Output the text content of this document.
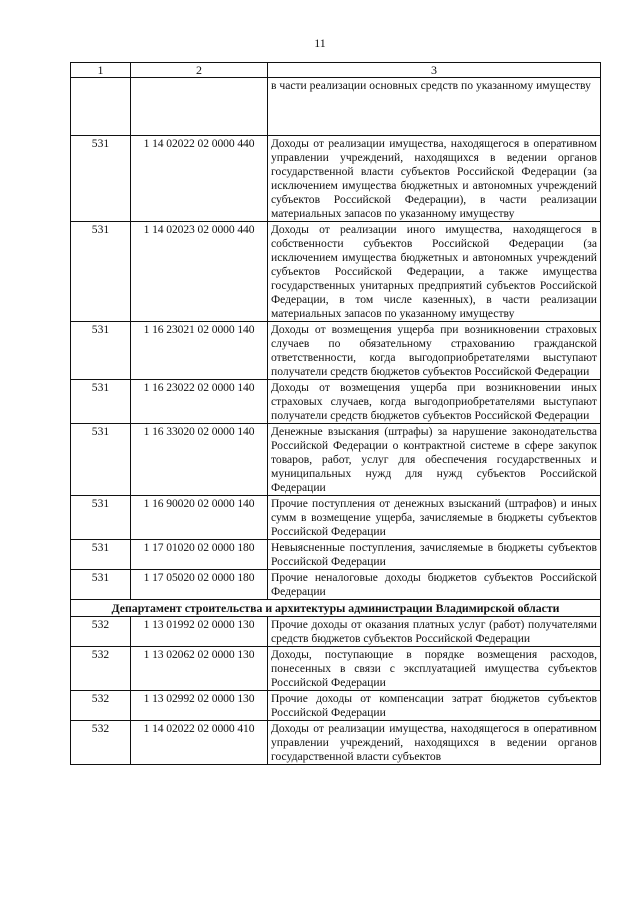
11
1	2	3
		в части реализации основных средств по указанному имуществу
531	1 14 02022 02 0000 440	Доходы от реализации имущества, находящегося в оперативном управлении учреждений, находящихся в ведении органов государственной власти субъектов Российской Федерации (за исключением имущества бюджетных и автономных учреждений субъектов Российской Федерации), в части реализации материальных запасов по указанному имуществу
531	1 14 02023 02 0000 440	Доходы от реализации иного имущества, находящегося в собственности субъектов Российской Федерации (за исключением имущества бюджетных и автономных учреждений субъектов Российской Федерации, а также имущества государственных унитарных предприятий субъектов Российской Федерации, в том числе казенных), в части реализации материальных запасов по указанному имуществу
531	1 16 23021 02 0000 140	Доходы от возмещения ущерба при возникновении страховых случаев по обязательному страхованию гражданской ответственности, когда выгодоприобретателями выступают получатели средств бюджетов субъектов Российской Федерации
531	1 16 23022 02 0000 140	Доходы от возмещения ущерба при возникновении иных страховых случаев, когда выгодоприобретателями выступают получатели средств бюджетов субъектов Российской Федерации
531	1 16 33020 02 0000 140	Денежные взыскания (штрафы) за нарушение законодательства Российской Федерации о контрактной системе в сфере закупок товаров, работ, услуг для обеспечения государственных и муниципальных нужд для нужд субъектов Российской Федерации
531	1 16 90020 02 0000 140	Прочие поступления от денежных взысканий (штрафов) и иных сумм в возмещение ущерба, зачисляемые в бюджеты субъектов Российской Федерации
531	1 17 01020 02 0000 180	Невыясненные поступления, зачисляемые в бюджеты субъектов Российской Федерации
531	1 17 05020 02 0000 180	Прочие неналоговые доходы бюджетов субъектов Российской Федерации
Департамент строительства и архитектуры администрации Владимирской области		
532	1 13 01992 02 0000 130	Прочие доходы от оказания платных услуг (работ) получателями средств бюджетов субъектов Российской Федерации
532	1 13 02062 02 0000 130	Доходы, поступающие в порядке возмещения расходов, понесенных в связи с эксплуатацией имущества субъектов Российской Федерации
532	1 13 02992 02 0000 130	Прочие доходы от компенсации затрат бюджетов субъектов Российской Федерации
532	1 14 02022 02 0000 410	Доходы от реализации имущества, находящегося в оперативном управлении учреждений, находящихся в ведении органов государственной власти субъектов
